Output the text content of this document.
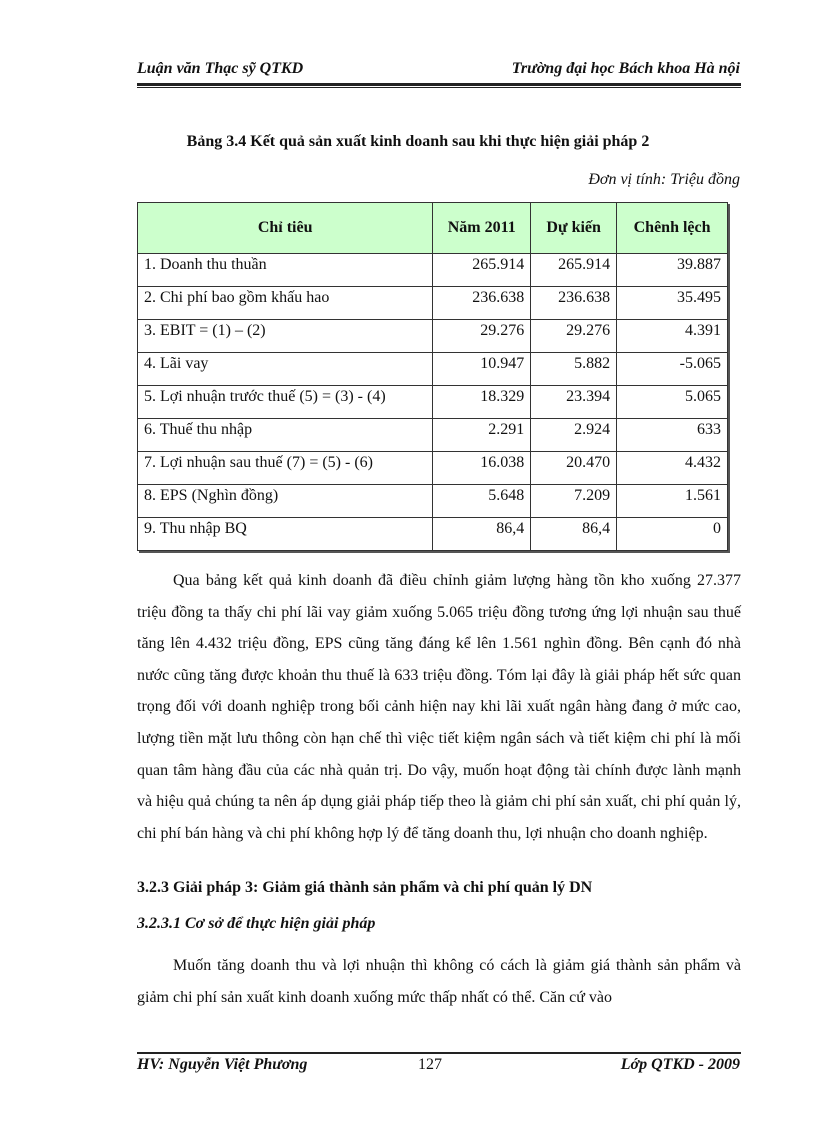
Luận văn Thạc sỹ QTKD	Trường đại học Bách khoa Hà nội
Bảng 3.4 Kết quả sản xuất kinh doanh sau khi thực hiện giải pháp 2
Đơn vị tính: Triệu đồng
Chỉ tiêu	Năm 2011	Dự kiến	Chênh lệch
1. Doanh thu thuần	265.914	265.914	39.887
2. Chi phí bao gồm khấu hao	236.638	236.638	35.495
3. EBIT = (1) – (2)	29.276	29.276	4.391
4. Lãi vay	10.947	5.882	-5.065
5. Lợi nhuận trước thuế (5) = (3) - (4)	18.329	23.394	5.065
6. Thuế thu nhập	2.291	2.924	633
7. Lợi nhuận sau thuế (7) = (5) - (6)	16.038	20.470	4.432
8. EPS (Nghìn đồng)	5.648	7.209	1.561
9. Thu nhập BQ	86,4	86,4	0

Qua bảng kết quả kinh doanh đã điều chỉnh giảm lượng hàng tồn kho xuống 27.377 triệu đồng ta thấy chi phí lãi vay giảm xuống 5.065 triệu đồng tương ứng lợi nhuận sau thuế tăng lên 4.432 triệu đồng, EPS cũng tăng đáng kể lên 1.561 nghìn đồng. Bên cạnh đó nhà nước cũng tăng được khoản thu thuế là 633 triệu đồng. Tóm lại đây là giải pháp hết sức quan trọng đối với doanh nghiệp trong bối cảnh hiện nay khi lãi xuất ngân hàng đang ở mức cao, lượng tiền mặt lưu thông còn hạn chế thì việc tiết kiệm ngân sách và tiết kiệm chi phí là mối quan tâm hàng đầu của các nhà quản trị. Do vậy, muốn hoạt động tài chính được lành mạnh và hiệu quả chúng ta nên áp dụng giải pháp tiếp theo là giảm chi phí sản xuất, chi phí quản lý, chi phí bán hàng và chi phí không hợp lý để tăng doanh thu, lợi nhuận cho doanh nghiệp.

3.2.3 Giải pháp 3: Giảm giá thành sản phẩm và chi phí quản lý DN
3.2.3.1 Cơ sở để thực hiện giải pháp

Muốn tăng doanh thu và lợi nhuận thì không có cách là giảm giá thành sản phẩm và giảm chi phí sản xuất kinh doanh xuống mức thấp nhất có thể. Căn cứ vào

HV: Nguyễn Việt Phương	127	Lớp QTKD - 2009
